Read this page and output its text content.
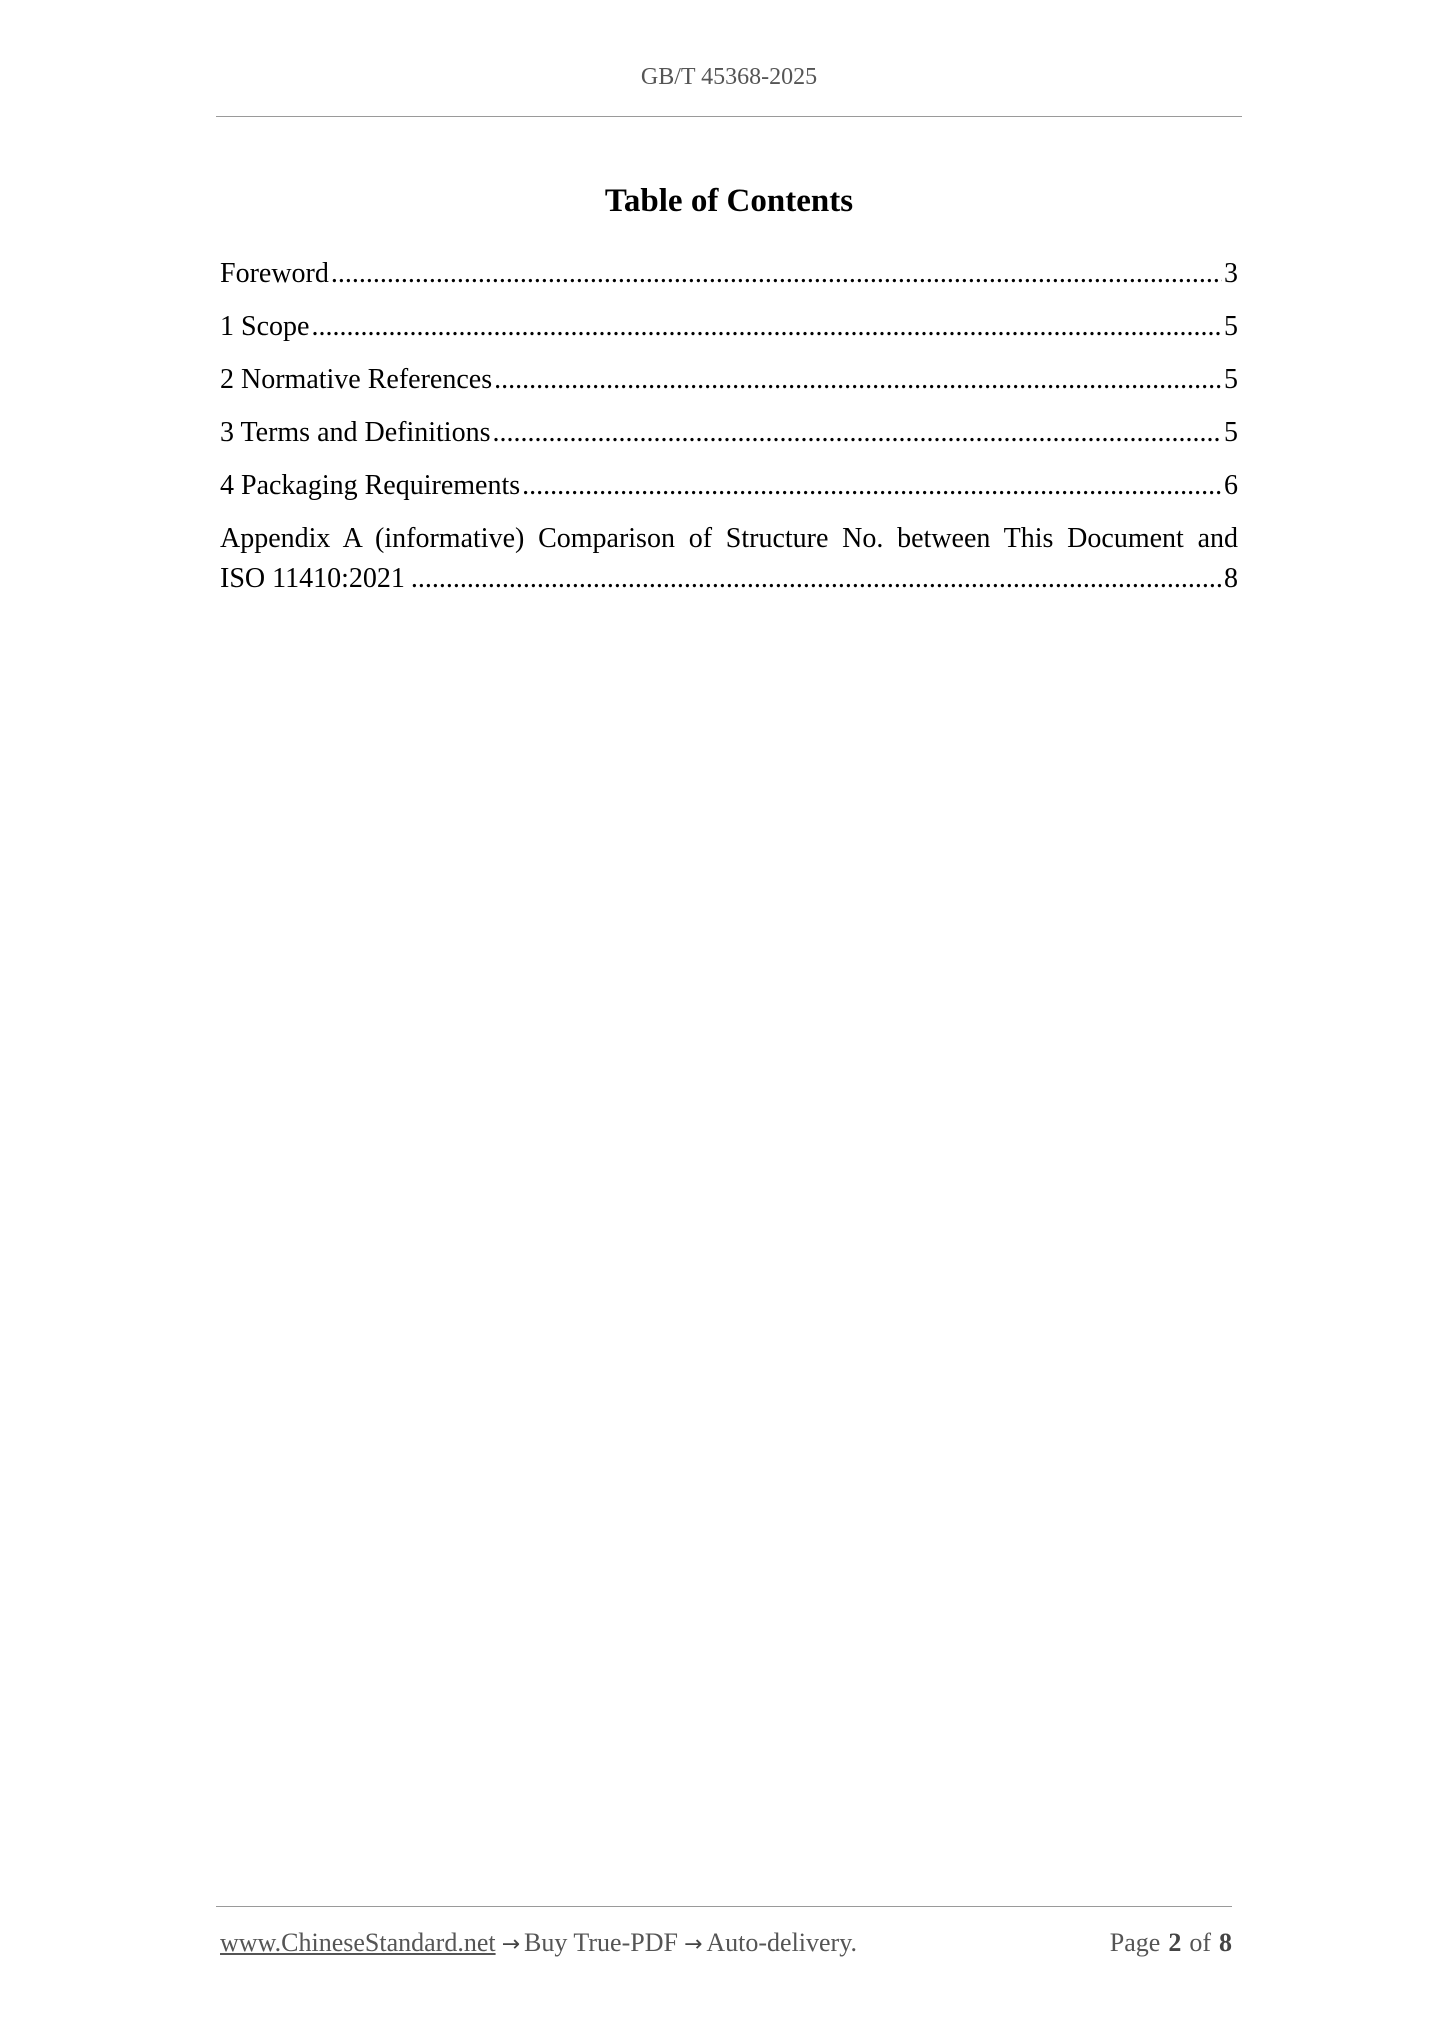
GB/T 45368-2025
Table of Contents
Foreword .....	3
1 Scope .....	5
2 Normative References .....	5
3 Terms and Definitions .....	5
4 Packaging Requirements .....	6
Appendix A (informative) Comparison of Structure No. between This Document and
ISO 11410:2021 .....	8
www.ChineseStandard.net → Buy True-PDF → Auto-delivery.	Page 2 of 8
